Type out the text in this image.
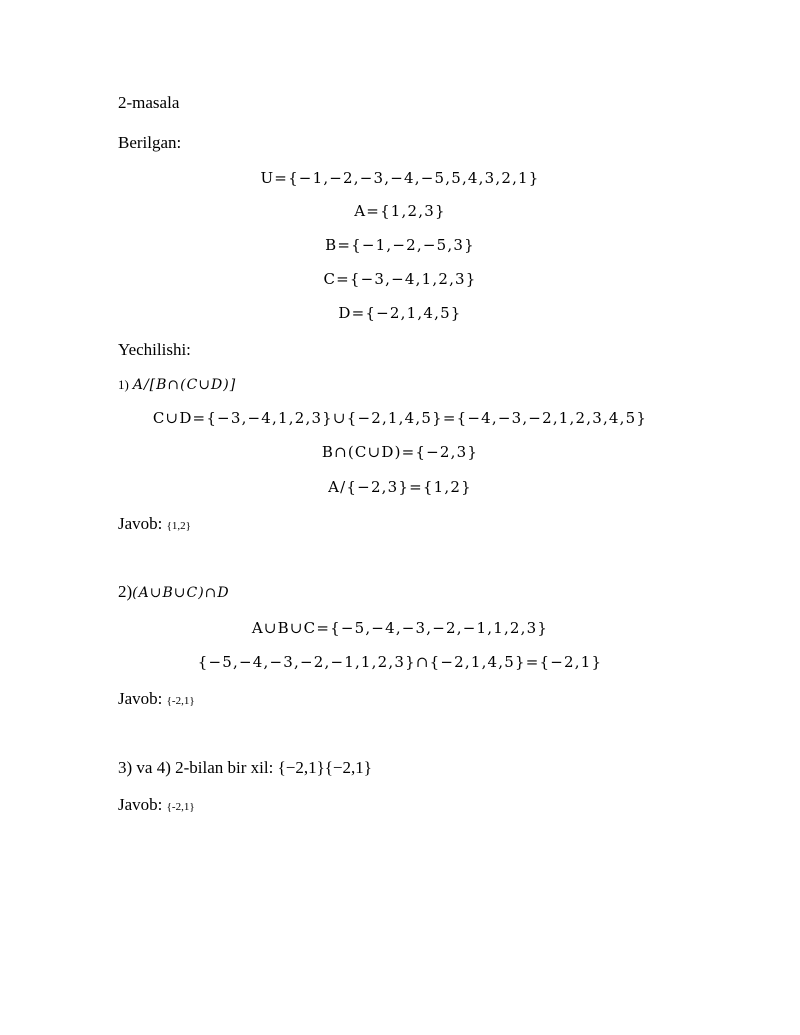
2-masala
Berilgan:
U={−1,−2,−3,−4,−5,5,4,3,2,1}
A={1,2,3}
B={−1,−2,−5,3}
C={−3,−4,1,2,3}
D={−2,1,4,5}
Yechilishi:
1) A/[B∩(C∪D)]
C∪D={−3,−4,1,2,3}∪{−2,1,4,5}={−4,−3,−2,1,2,3,4,5}
B∩(C∪D)={−2,3}
A/{−2,3}={1,2}
Javob: {1,2}
2)(A∪B∪C)∩D
A∪B∪C={−5,−4,−3,−2,−1,1,2,3}
{−5,−4,−3,−2,−1,1,2,3}∩{−2,1,4,5}={−2,1}
Javob: {-2,1}
3) va 4) 2-bilan bir xil: {−2,1}{−2,1}
Javob: {-2,1}
